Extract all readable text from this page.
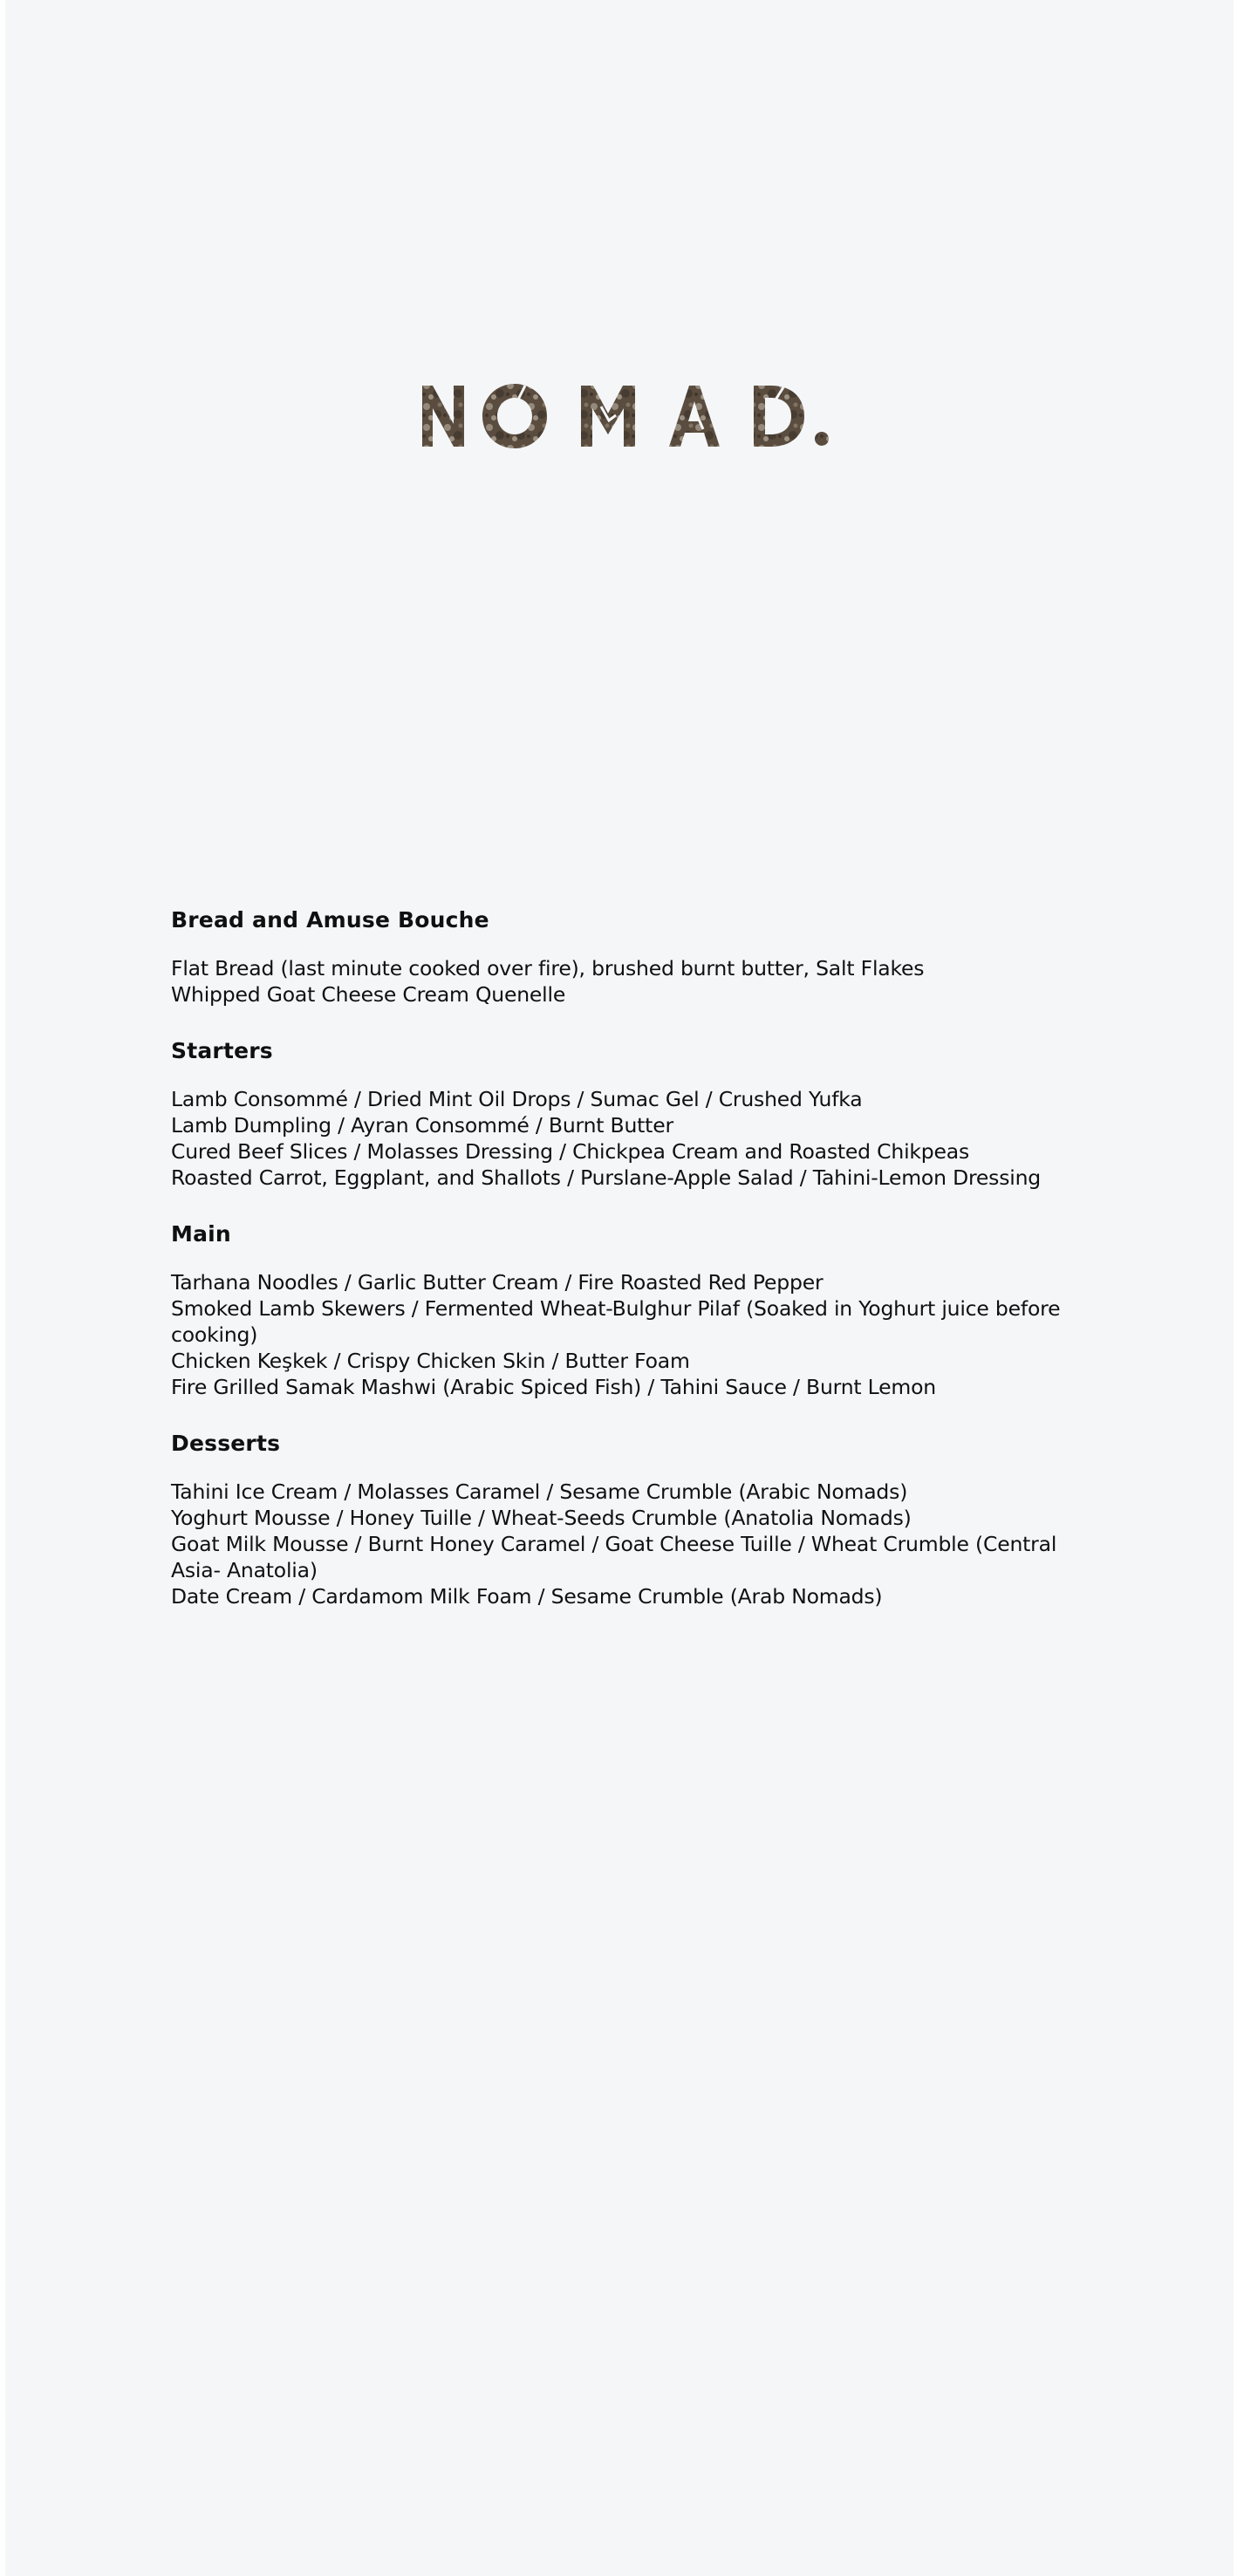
Bread and Amuse Bouche
Flat Bread (last minute cooked over fire), brushed burnt butter, Salt Flakes
Whipped Goat Cheese Cream Quenelle
Starters
Lamb Consommé / Dried Mint Oil Drops / Sumac Gel / Crushed Yufka
Lamb Dumpling / Ayran Consommé / Burnt Butter
Cured Beef Slices / Molasses Dressing / Chickpea Cream and Roasted Chikpeas
Roasted Carrot, Eggplant, and Shallots / Purslane-Apple Salad / Tahini-Lemon Dressing
Main
Tarhana Noodles / Garlic Butter Cream / Fire Roasted Red Pepper
Smoked Lamb Skewers / Fermented Wheat-Bulghur Pilaf (Soaked in Yoghurt juice before cooking)
Chicken Keşkek / Crispy Chicken Skin / Butter Foam
Fire Grilled Samak Mashwi (Arabic Spiced Fish) / Tahini Sauce / Burnt Lemon
Desserts
Tahini Ice Cream / Molasses Caramel / Sesame Crumble (Arabic Nomads)
Yoghurt Mousse / Honey Tuille / Wheat-Seeds Crumble (Anatolia Nomads)
Goat Milk Mousse / Burnt Honey Caramel / Goat Cheese Tuille / Wheat Crumble (Central Asia- Anatolia)
Date Cream / Cardamom Milk Foam / Sesame Crumble (Arab Nomads)
